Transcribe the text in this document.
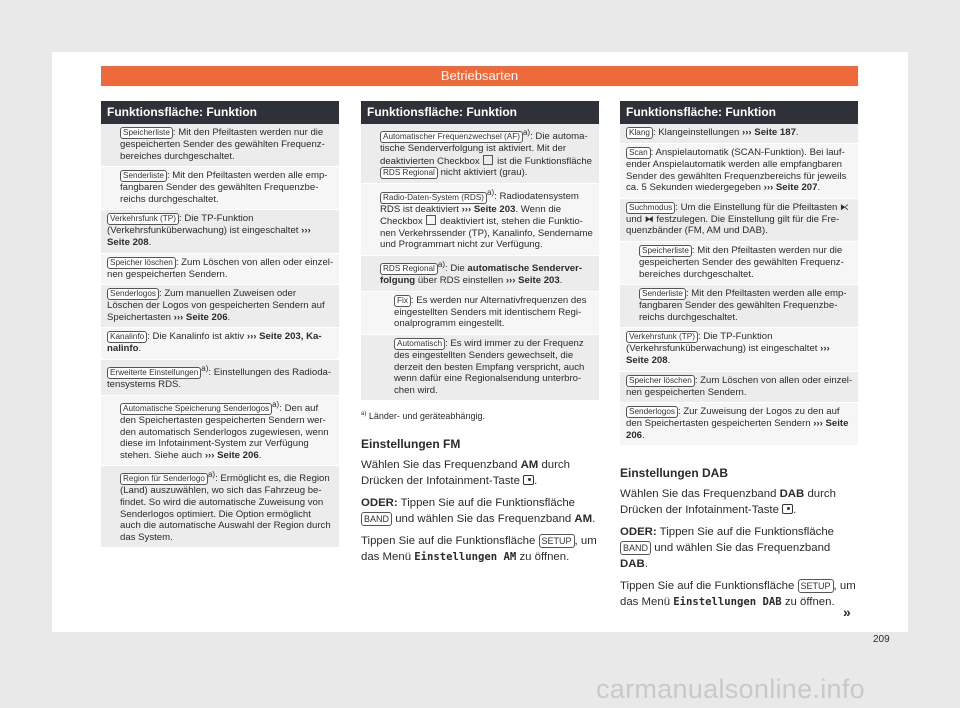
Betriebsarten
Funktionsfläche: Funktion
Speicherliste : Mit den Pfeiltasten werden nur die gespeicherten Sender des gewählten Frequenzbereiches durchgeschaltet.
Senderliste : Mit den Pfeiltasten werden alle empfangbaren Sender des gewählten Frequenzbereichs durchgeschaltet.
Verkehrsfunk (TP) : Die TP-Funktion (Verkehrsfunküberwachung) ist eingeschaltet ››› Seite 208.
Speicher löschen : Zum Löschen von allen oder einzelnen gespeicherten Sendern.
Senderlogos : Zum manuellen Zuweisen oder Löschen der Logos von gespeicherten Sendern auf Speichertasten ››› Seite 206.
Kanalinfo : Die Kanalinfo ist aktiv ››› Seite 203, Kanalinfo.
Erweiterte Einstellungen $^{a)}$: Einstellungen des Radiodatensystems RDS.
Automatische Speicherung Senderlogos $^{a)}$: Den auf den Speichertasten gespeicherten Sendern werden automatisch Senderlogos zugewiesen, wenn diese im Infotainment-System zur Verfügung stehen. Siehe auch ››› Seite 206.
Region für Senderlogo $^{a)}$: Ermöglicht es, die Region (Land) auszuwählen, wo sich das Fahrzeug befindet. So wird die automatische Zuweisung von Senderlogos optimiert. Die Option ermöglicht auch die automatische Auswahl der Region durch das System.
Funktionsfläche: Funktion
Automatischer Frequenzwechsel (AF) $^{a)}$: Die automatische Senderverfolgung ist aktiviert. Mit der deaktivierten Checkbox ist die Funktionsfläche RDS Regional nicht aktiviert (grau).
Radio-Daten-System (RDS) $^{a)}$: Radiodatensystem RDS ist deaktiviert ››› Seite 203. Wenn die Checkbox deaktiviert ist, stehen die Funktionen Verkehrssender (TP), Kanalinfo, Sendername und Programmart nicht zur Verfügung.
RDS Regional $^{a)}$: Die automatische Senderverfolgung über RDS einstellen ››› Seite 203.
Fix : Es werden nur Alternativfrequenzen des eingestellten Senders mit identischem Regionalprogramm eingestellt.
Automatisch : Es wird immer zu der Frequenz des eingestellten Senders gewechselt, die derzeit den besten Empfang verspricht, auch wenn dafür eine Regionalsendung unterbrochen wird.
$^{a)}$ Länder- und geräteabhängig.
Einstellungen FM
Wählen Sie das Frequenzband AM durch Drücken der Infotainment-Taste .
ODER: Tippen Sie auf die Funktionsfläche BAND und wählen Sie das Frequenzband AM.
Tippen Sie auf die Funktionsfläche SETUP , um das Menü Einstellungen AM zu öffnen.
Funktionsfläche: Funktion
Klang : Klangeinstellungen ››› Seite 187.
Scan : Anspielautomatik (SCAN-Funktion). Bei laufender Anspielautomatik werden alle empfangbaren Sender des gewählten Frequenzbereichs für jeweils ca. 5 Sekunden wiedergegeben ››› Seite 207.
Suchmodus : Um die Einstellung für die Pfeiltasten ⧔ und ⧓ festzulegen. Die Einstellung gilt für die Frequenzbänder (FM, AM und DAB).
Speicherliste : Mit den Pfeiltasten werden nur die gespeicherten Sender des gewählten Frequenzbereiches durchgeschaltet.
Senderliste : Mit den Pfeiltasten werden alle empfangbaren Sender des gewählten Frequenzbereichs durchgeschaltet.
Verkehrsfunk (TP) : Die TP-Funktion (Verkehrsfunküberwachung) ist eingeschaltet ››› Seite 208.
Speicher löschen : Zum Löschen von allen oder einzelnen gespeicherten Sendern.
Senderlogos : Zur Zuweisung der Logos zu den auf den Speichertasten gespeicherten Sendern ››› Seite 206.
Einstellungen DAB
Wählen Sie das Frequenzband DAB durch Drücken der Infotainment-Taste .
ODER: Tippen Sie auf die Funktionsfläche BAND und wählen Sie das Frequenzband DAB.
Tippen Sie auf die Funktionsfläche SETUP , um das Menü Einstellungen DAB zu öffnen.
»
209
carmanualsonline.info
